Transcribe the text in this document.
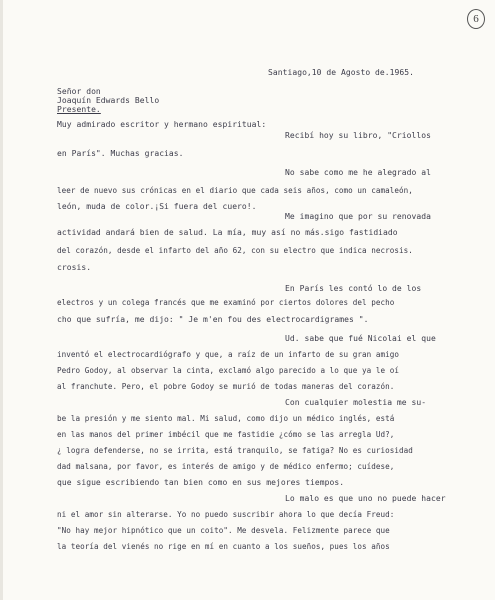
6
Santiago,10 de Agosto de.1965.
Señor don
Joaquín Edwards Bello
Presente.
Muy admirado escritor y hermano espiritual:
Recibí hoy su libro, "Criollos
en París". Muchas gracias.
No sabe como me he alegrado al
leer de nuevo sus crónicas en el diario que cada seis años, como un camaleón,
león, muda de color.¡Si fuera del cuero!.
Me imagino que por su renovada
actividad andará bien de salud. La mía, muy así no más.sigo fastidiado
del corazón, desde el infarto del año 62, con su electro que indica necrosis.
crosis.
En París les contó lo de los
electros y un colega francés que me examinó por ciertos dolores del pecho
cho que sufría, me dijo: " Je m'en fou des electrocardigrames ".
Ud. sabe que fué Nicolai el que
inventó el electrocardiógrafo y que, a raíz de un infarto de su gran amigo
Pedro Godoy, al observar la cinta, exclamó algo parecido a lo que ya le oí
al franchute. Pero, el pobre Godoy se murió de todas maneras del corazón.
Con cualquier molestia me su-
be la presión y me siento mal. Mi salud, como dijo un médico inglés, está
en las manos del primer imbécil que me fastidie ¿cómo se las arregla Ud?,
¿ logra defenderse, no se irrita, está tranquilo, se fatiga? No es curiosidad
dad malsana, por favor, es interés de amigo y de médico enfermo; cuídese,
que sigue escribiendo tan bien como en sus mejores tiempos.
Lo malo es que uno no puede hacer
ni el amor sin alterarse. Yo no puedo suscribir ahora lo que decía Freud:
"No hay mejor hipnótico que un coito". Me desvela. Felizmente parece que
la teoría del vienés no rige en mí en cuanto a los sueños, pues los años
